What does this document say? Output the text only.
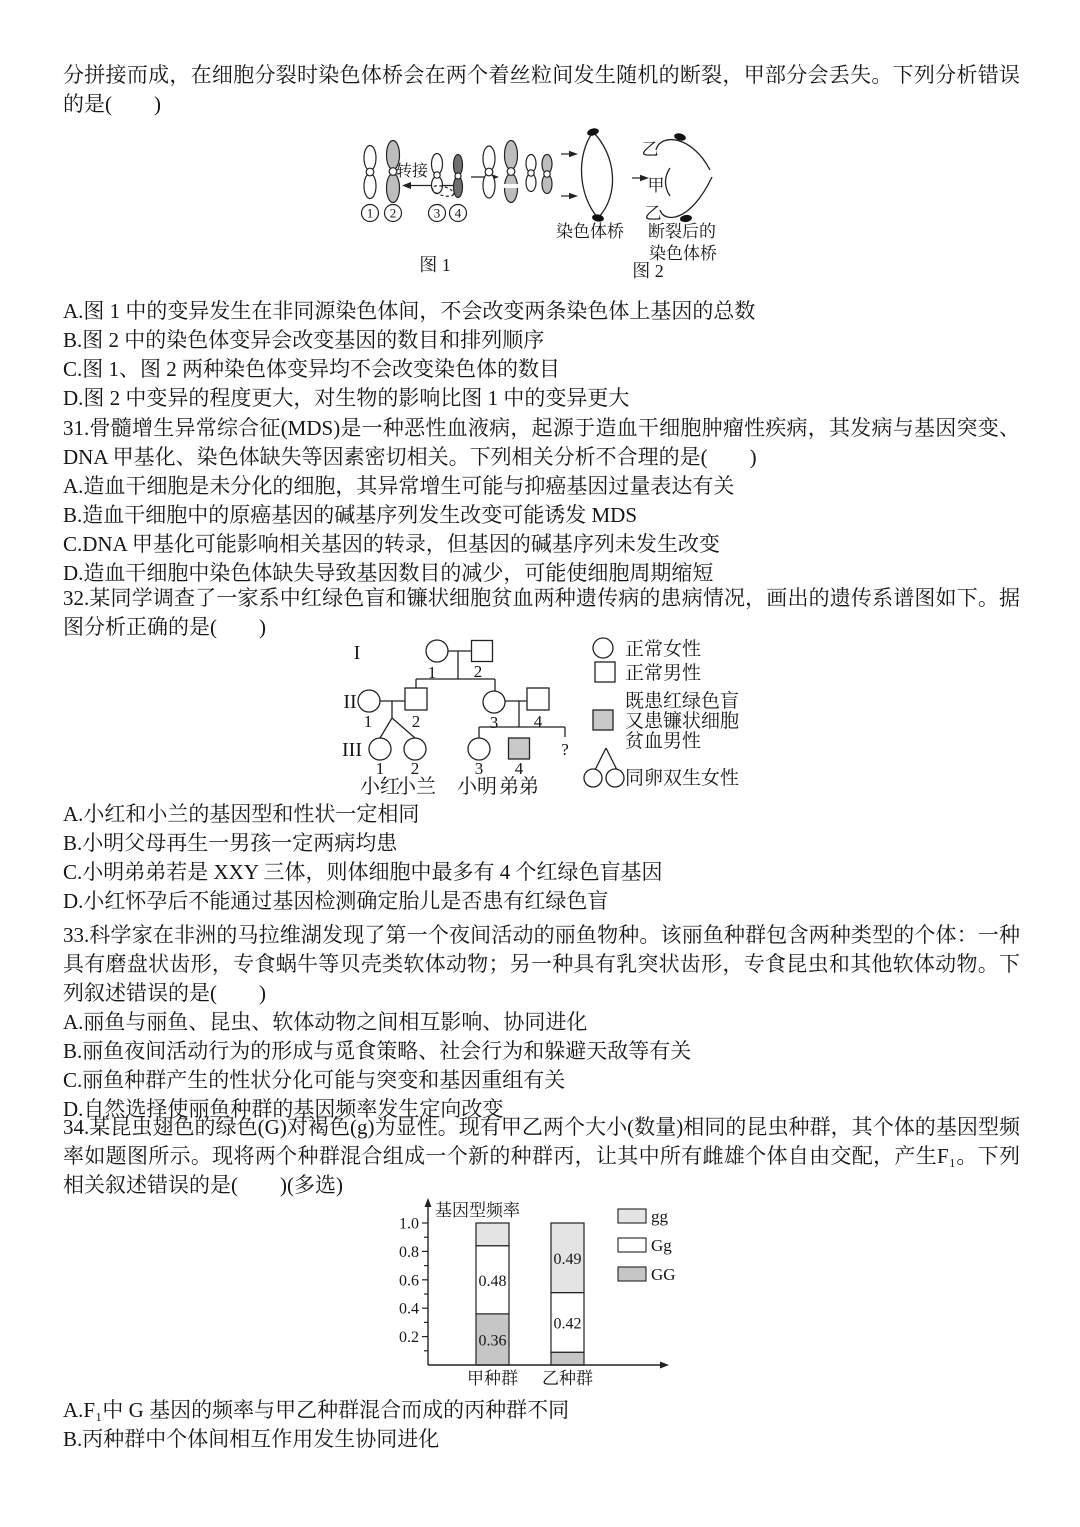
分拼接而成，在细胞分裂时染色体桥会在两个着丝粒间发生随机的断裂，甲部分会丢失。下列分析错误的是(　　)

转接
1 2	3 4
染色体桥
乙
甲
乙
断裂后的
染色体桥
图 1	图 2
A.图 1 中的变异发生在非同源染色体间，不会改变两条染色体上基因的总数
B.图 2 中的染色体变异会改变基因的数目和排列顺序
C.图 1、图 2 两种染色体变异均不会改变染色体的数目
D.图 2 中变异的程度更大，对生物的影响比图 1 中的变异更大

31.骨髓增生异常综合征(MDS)是一种恶性血液病，起源于造血干细胞肿瘤性疾病，其发病与基因突变、DNA 甲基化、染色体缺失等因素密切相关。下列相关分析不合理的是(　　)

A.造血干细胞是未分化的细胞，其异常增生可能与抑癌基因过量表达有关
B.造血干细胞中的原癌基因的碱基序列发生改变可能诱发 MDS
C.DNA 甲基化可能影响相关基因的转录，但基因的碱基序列未发生改变
D.造血干细胞中染色体缺失导致基因数目的减少，可能使细胞周期缩短

32.某同学调查了一家系中红绿色盲和镰状细胞贫血两种遗传病的患病情况，画出的遗传系谱图如下。据图分析正确的是(　　)

I
II
III
1 2
1 2	3 4
1 2	3 4
?
小红
小兰 小明 弟弟
正常女性
正常男性
既患红绿色盲
又患镰状细胞
贫血男性
同卵双生女性
A.小红和小兰的基因型和性状一定相同
B.小明父母再生一男孩一定两病均患
C.小明弟弟若是 XXY 三体，则体细胞中最多有 4 个红绿色盲基因
D.小红怀孕后不能通过基因检测确定胎儿是否患有红绿色盲

33.科学家在非洲的马拉维湖发现了第一个夜间活动的丽鱼物种。该丽鱼种群包含两种类型的个体：一种具有磨盘状齿形，专食蜗牛等贝壳类软体动物；另一种具有乳突状齿形，专食昆虫和其他软体动物。下列叙述错误的是(　　)

A.丽鱼与丽鱼、昆虫、软体动物之间相互影响、协同进化
B.丽鱼夜间活动行为的形成与觅食策略、社会行为和躲避天敌等有关
C.丽鱼种群产生的性状分化可能与突变和基因重组有关
D.自然选择使丽鱼种群的基因频率发生定向改变

34.某昆虫翅色的绿色(G)对褐色(g)为显性。现有甲乙两个大小(数量)相同的昆虫种群，其个体的基因型频率如题图所示。现将两个种群混合组成一个新的种群丙，让其中所有雌雄个体自由交配，产生F₁。下列相关叙述错误的是(　　)(多选)

0.2
0.4
0.6
0.8
1.0
0.36
0.48
甲种群
0.42
0.49
乙种群
gg
Gg
GG
基因型频率
A.F₁中 G 基因的频率与甲乙种群混合而成的丙种群不同
B.丙种群中个体间相互作用发生协同进化
